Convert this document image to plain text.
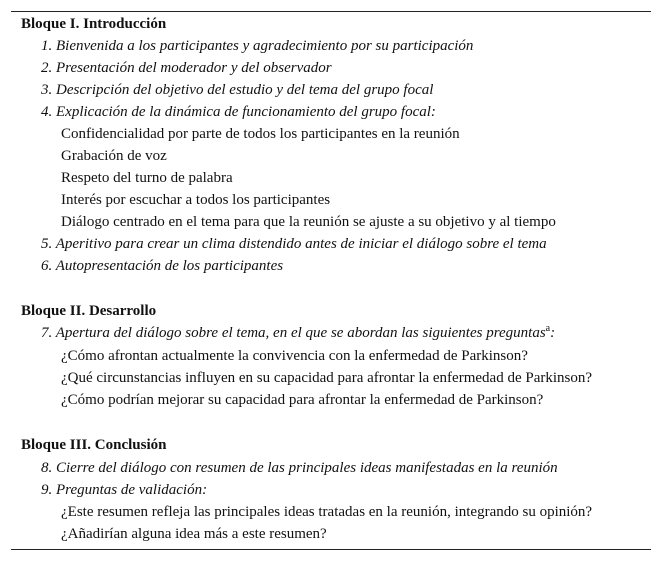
Bloque I. Introducción
1. Bienvenida a los participantes y agradecimiento por su participación
2. Presentación del moderador y del observador
3. Descripción del objetivo del estudio y del tema del grupo focal
4. Explicación de la dinámica de funcionamiento del grupo focal:
Confidencialidad por parte de todos los participantes en la reunión
Grabación de voz
Respeto del turno de palabra
Interés por escuchar a todos los participantes
Diálogo centrado en el tema para que la reunión se ajuste a su objetivo y al tiempo
5. Aperitivo para crear un clima distendido antes de iniciar el diálogo sobre el tema
6. Autopresentación de los participantes
Bloque II. Desarrollo
7. Apertura del diálogo sobre el tema, en el que se abordan las siguientes preguntas$^a$:
¿Cómo afrontan actualmente la convivencia con la enfermedad de Parkinson?
¿Qué circunstancias influyen en su capacidad para afrontar la enfermedad de Parkinson?
¿Cómo podrían mejorar su capacidad para afrontar la enfermedad de Parkinson?
Bloque III. Conclusión
8. Cierre del diálogo con resumen de las principales ideas manifestadas en la reunión
9. Preguntas de validación:
¿Este resumen refleja las principales ideas tratadas en la reunión, integrando su opinión?
¿Añadirían alguna idea más a este resumen?
